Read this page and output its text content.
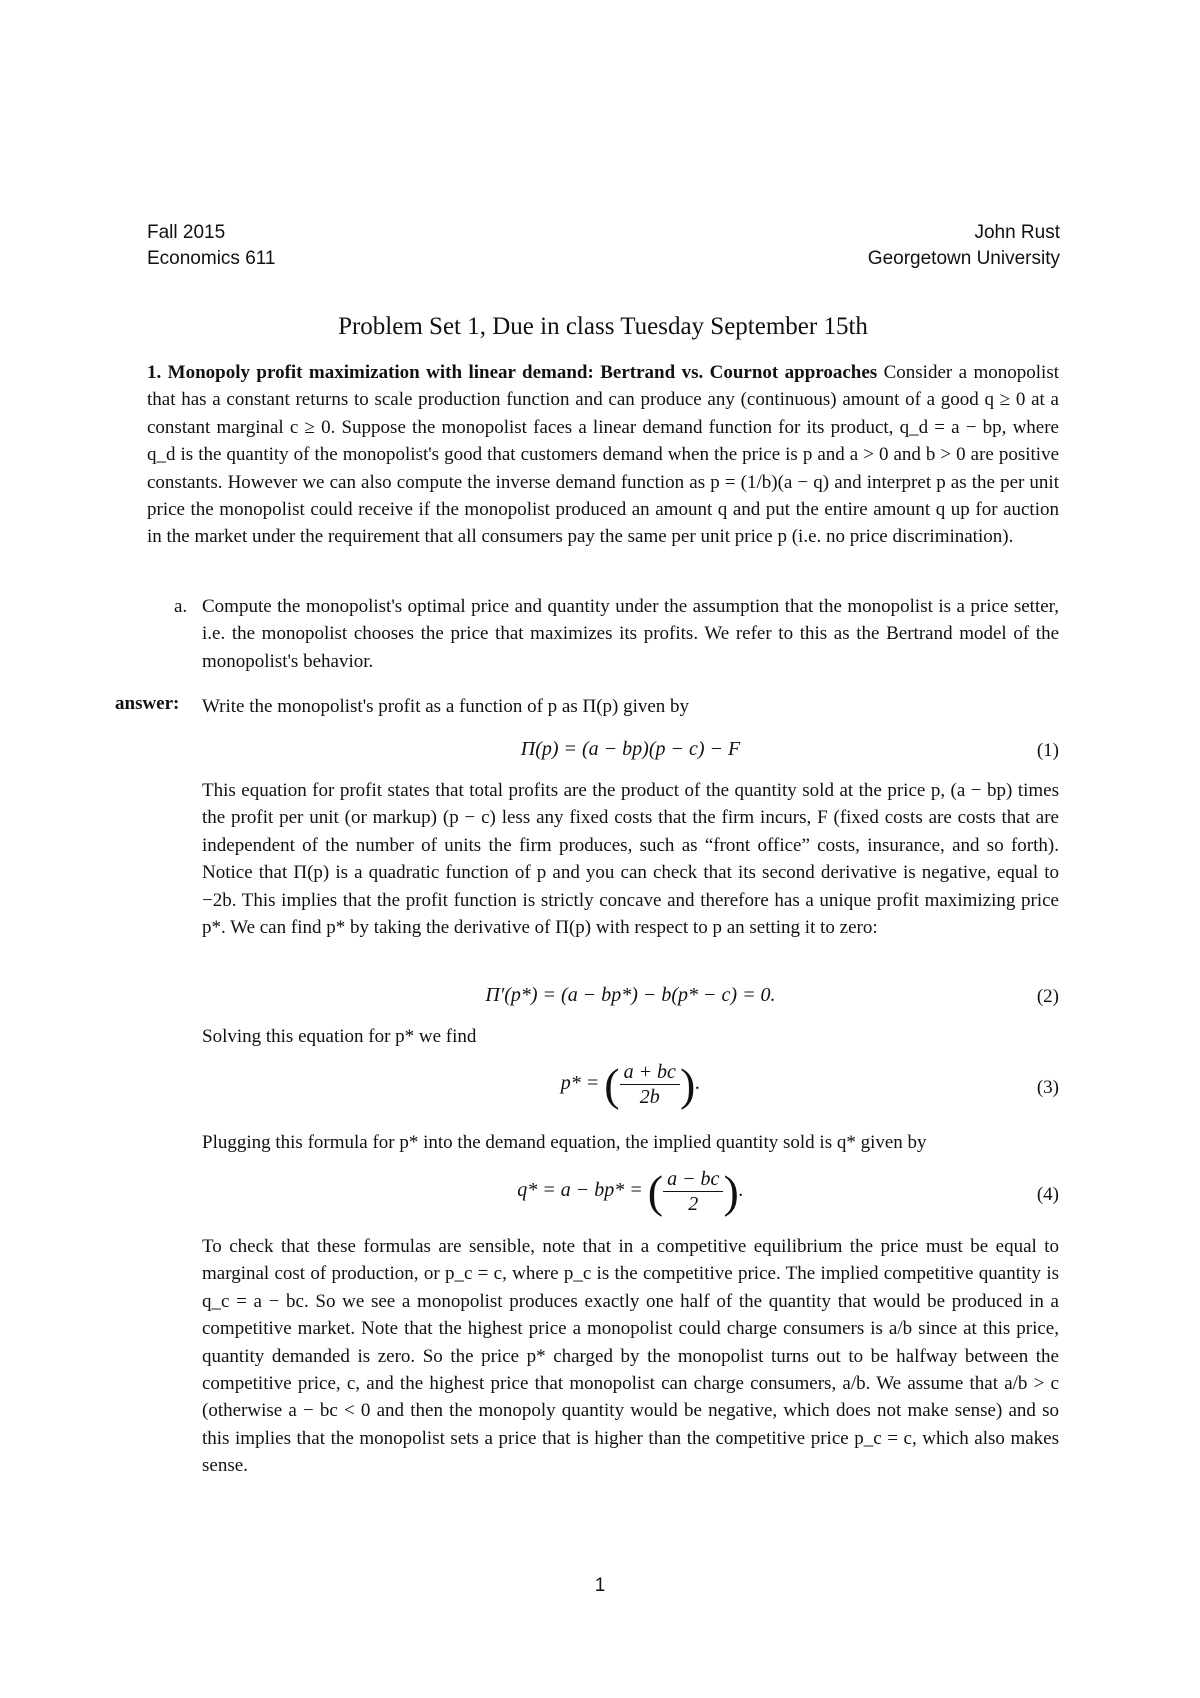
Fall 2015
Economics 611
John Rust
Georgetown University
Problem Set 1, Due in class Tuesday September 15th
1. Monopoly profit maximization with linear demand: Bertrand vs. Cournot approaches Consider a monopolist that has a constant returns to scale production function and can produce any (continuous) amount of a good q ≥ 0 at a constant marginal c ≥ 0. Suppose the monopolist faces a linear demand function for its product, q_d = a − bp, where q_d is the quantity of the monopolist's good that customers demand when the price is p and a > 0 and b > 0 are positive constants. However we can also compute the inverse demand function as p = (1/b)(a − q) and interpret p as the per unit price the monopolist could receive if the monopolist produced an amount q and put the entire amount q up for auction in the market under the requirement that all consumers pay the same per unit price p (i.e. no price discrimination).
a. Compute the monopolist's optimal price and quantity under the assumption that the monopolist is a price setter, i.e. the monopolist chooses the price that maximizes its profits. We refer to this as the Bertrand model of the monopolist's behavior.
answer: Write the monopolist's profit as a function of p as Π(p) given by
Π(p) = (a − bp)(p − c) − F	(1)
This equation for profit states that total profits are the product of the quantity sold at the price p, (a − bp) times the profit per unit (or markup) (p − c) less any fixed costs that the firm incurs, F (fixed costs are costs that are independent of the number of units the firm produces, such as “front office” costs, insurance, and so forth). Notice that Π(p) is a quadratic function of p and you can check that its second derivative is negative, equal to −2b. This implies that the profit function is strictly concave and therefore has a unique profit maximizing price p*. We can find p* by taking the derivative of Π(p) with respect to p an setting it to zero:
Π′(p*) = (a − bp*) − b(p* − c) = 0.	(2)
Solving this equation for p* we find
p* = ( $\frac{a + bc}{2b}$ ).	(3)
Plugging this formula for p* into the demand equation, the implied quantity sold is q* given by
q* = a − bp* = ( $\frac{a - bc}{2}$ ).	(4)
To check that these formulas are sensible, note that in a competitive equilibrium the price must be equal to marginal cost of production, or p_c = c, where p_c is the competitive price. The implied competitive quantity is q_c = a − bc. So we see a monopolist produces exactly one half of the quantity that would be produced in a competitive market. Note that the highest price a monopolist could charge consumers is a/b since at this price, quantity demanded is zero. So the price p* charged by the monopolist turns out to be halfway between the competitive price, c, and the highest price that monopolist can charge consumers, a/b. We assume that a/b > c (otherwise a − bc < 0 and then the monopoly quantity would be negative, which does not make sense) and so this implies that the monopolist sets a price that is higher than the competitive price p_c = c, which also makes sense.
1
